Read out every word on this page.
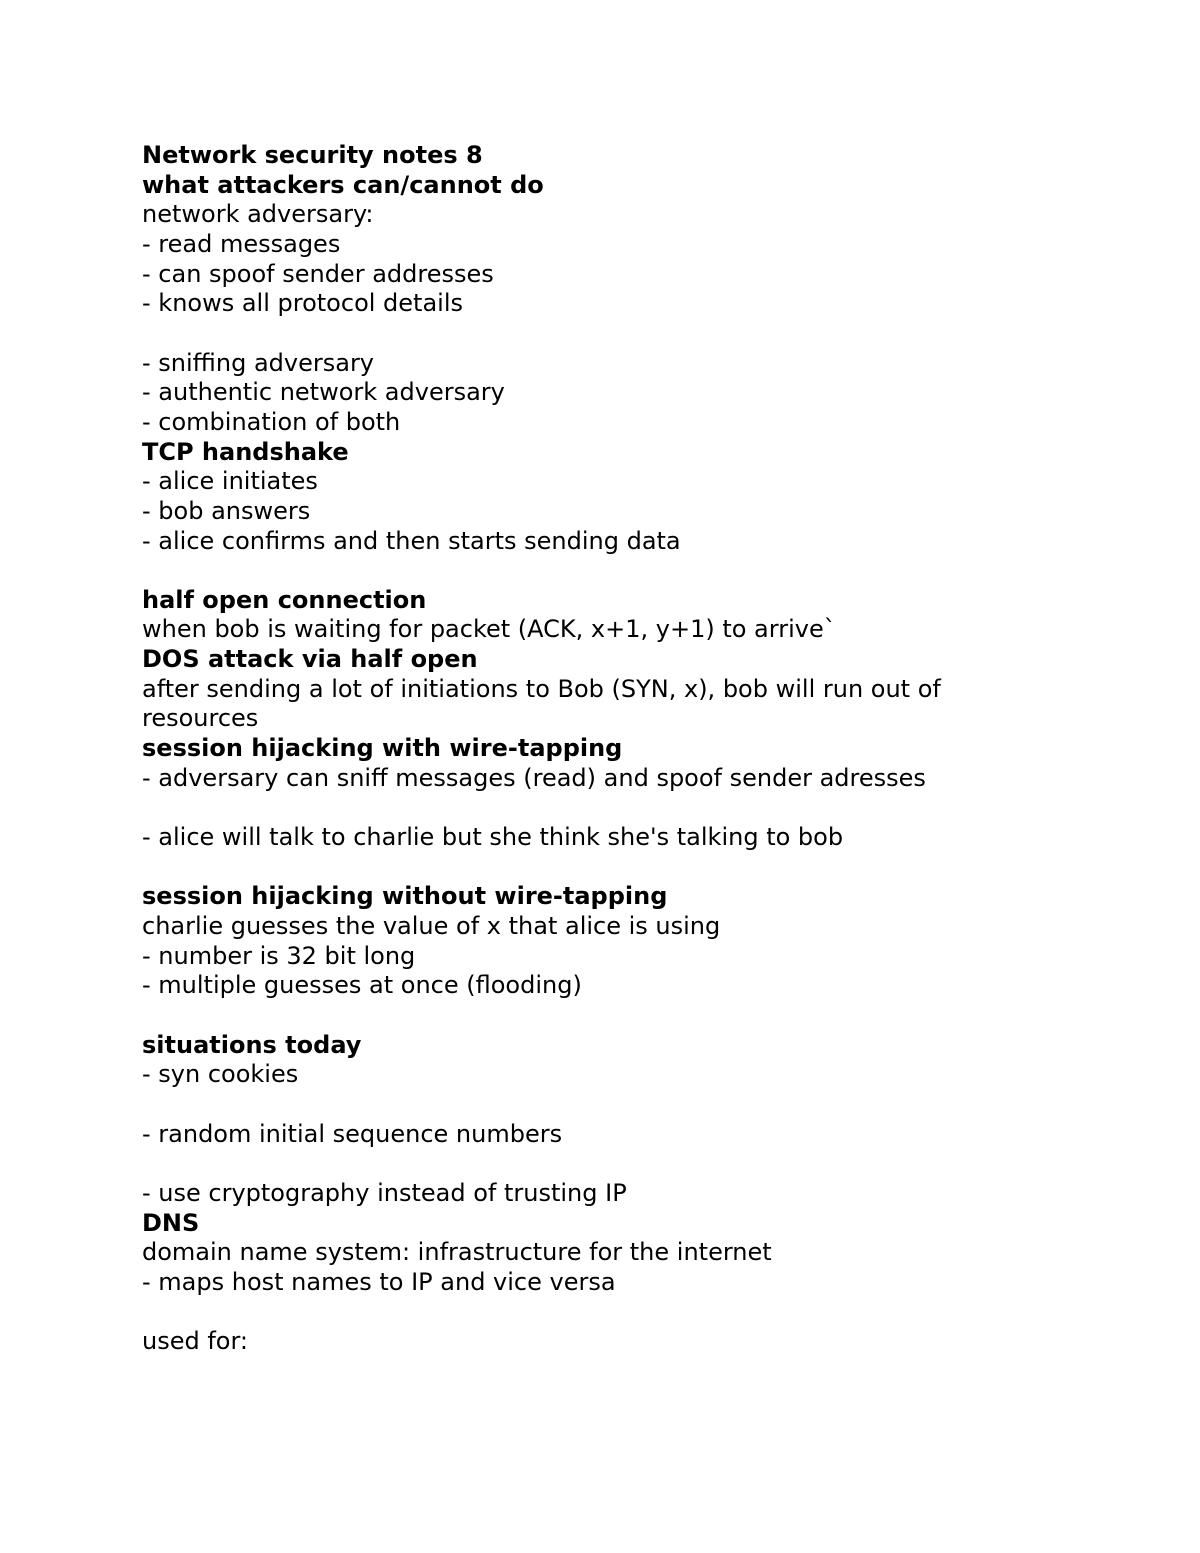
Network security notes 8
what attackers can/cannot do
network adversary:
- read messages
- can spoof sender addresses
- knows all protocol details
- sniffing adversary
- authentic network adversary
- combination of both
TCP handshake
- alice initiates
- bob answers
- alice confirms and then starts sending data
half open connection
when bob is waiting for packet (ACK, x+1, y+1) to arrive`
DOS attack via half open
after sending a lot of initiations to Bob (SYN, x), bob will run out of
resources
session hijacking with wire-tapping
- adversary can sniff messages (read) and spoof sender adresses
- alice will talk to charlie but she think she's talking to bob
session hijacking without wire-tapping
charlie guesses the value of x that alice is using
- number is 32 bit long
- multiple guesses at once (flooding)
situations today
- syn cookies
- random initial sequence numbers
- use cryptography instead of trusting IP
DNS
domain name system: infrastructure for the internet
- maps host names to IP and vice versa
used for:
